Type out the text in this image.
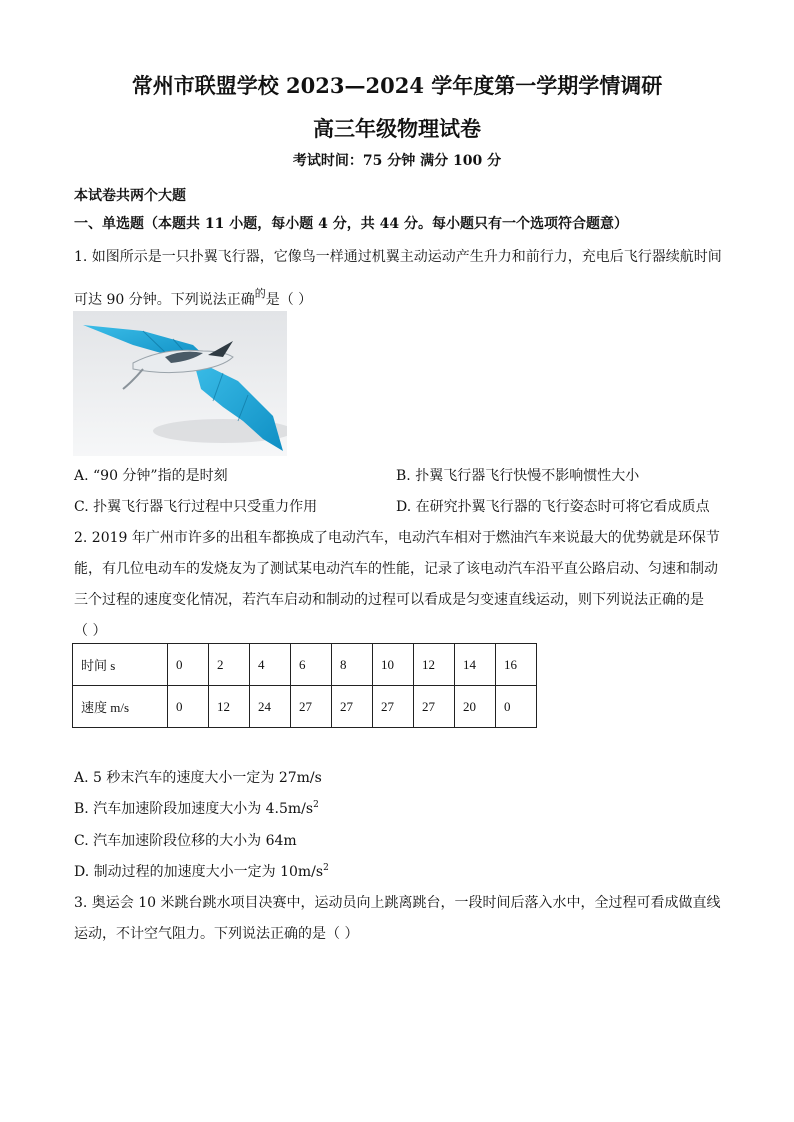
常州市联盟学校 2023—2024 学年度第一学期学情调研
高三年级物理试卷
考试时间：75 分钟 满分 100 分
本试卷共两个大题
一、单选题（本题共 11 小题，每小题 4 分，共 44 分。每小题只有一个选项符合题意）
1. 如图所示是一只扑翼飞行器，它像鸟一样通过机翼主动运动产生升力和前行力，充电后飞行器续航时间
可达 90 分钟。下列说法正确$^的$是（ ）
A. “90 分钟”指的是时刻	B. 扑翼飞行器飞行快慢不影响惯性大小
C. 扑翼飞行器飞行过程中只受重力作用	D. 在研究扑翼飞行器的飞行姿态时可将它看成质点
2. 2019 年广州市许多的出租车都换成了电动汽车，电动汽车相对于燃油汽车来说最大的优势就是环保节
能，有几位电动车的发烧友为了测试某电动汽车的性能，记录了该电动汽车沿平直公路启动、匀速和制动
三个过程的速度变化情况，若汽车启动和制动的过程可以看成是匀变速直线运动，则下列说法正确的是
（ ）
时间 s	0	2	4	6	8	10	12	14	16
速度 m/s	0	12	24	27	27	27	27	20	0
A. 5 秒末汽车的速度大小一定为 27m/s
B. 汽车加速阶段加速度大小为 $4.5m/s^2$
C. 汽车加速阶段位移的大小为 64m
D. 制动过程的加速度大小一定为 $10m/s^2$
3. 奥运会 10 米跳台跳水项目决赛中，运动员向上跳离跳台，一段时间后落入水中，全过程可看成做直线
运动，不计空气阻力。下列说法正确的是（ ）
